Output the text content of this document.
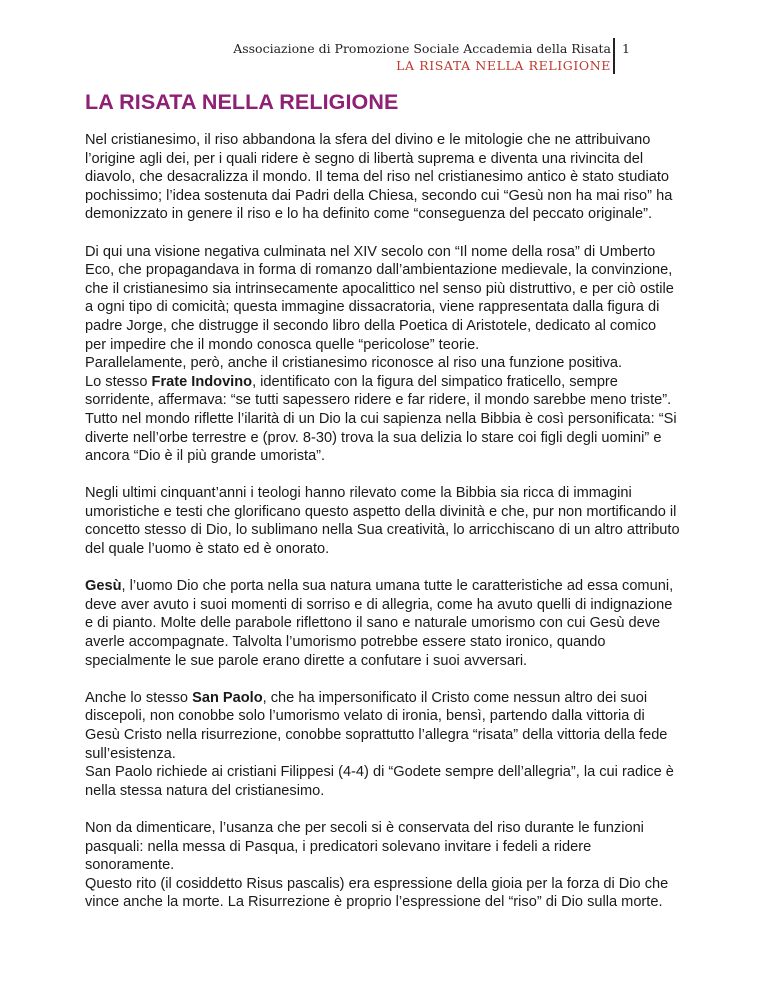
Associazione di Promozione Sociale Accademia della Risata
LA RISATA NELLA RELIGIONE
1
LA RISATA NELLA RELIGIONE

Nel cristianesimo, il riso abbandona la sfera del divino e le mitologie che ne attribuivano l’origine agli dei, per i quali ridere è segno di libertà suprema e diventa una rivincita del diavolo, che desacralizza il mondo. Il tema del riso nel cristianesimo antico è stato studiato pochissimo; l’idea sostenuta dai Padri della Chiesa, secondo cui “Gesù non ha mai riso” ha demonizzato in genere il riso e lo ha definito come “conseguenza del peccato originale”.

Di qui una visione negativa culminata nel XIV secolo con “Il nome della rosa” di Umberto Eco, che propagandava in forma di romanzo dall’ambientazione medievale, la convinzione, che il cristianesimo sia intrinsecamente apocalittico nel senso più distruttivo, e per ciò ostile a ogni tipo di comicità; questa immagine dissacratoria, viene rappresentata dalla figura di padre Jorge, che distrugge il secondo libro della Poetica di Aristotele, dedicato al comico per impedire che il mondo conosca quelle “pericolose” teorie.

Parallelamente, però, anche il cristianesimo riconosce al riso una funzione positiva.

Lo stesso Frate Indovino, identificato con la figura del simpatico fraticello, sempre sorridente, affermava: “se tutti sapessero ridere e far ridere, il mondo sarebbe meno triste”.

Tutto nel mondo riflette l’ilarità di un Dio la cui sapienza nella Bibbia è così personificata: “Si diverte nell’orbe terrestre e (prov. 8-30) trova la sua delizia lo stare coi figli degli uomini” e ancora “Dio è il più grande umorista”.

Negli ultimi cinquant’anni i teologi hanno rilevato come la Bibbia sia ricca di immagini umoristiche e testi che glorificano questo aspetto della divinità e che, pur non mortificando il concetto stesso di Dio, lo sublimano nella Sua creatività, lo arricchiscano di un altro attributo del quale l’uomo è stato ed è onorato.

Gesù, l’uomo Dio che porta nella sua natura umana tutte le caratteristiche ad essa comuni, deve aver avuto i suoi momenti di sorriso e di allegria, come ha avuto quelli di indignazione e di pianto. Molte delle parabole riflettono il sano e naturale umorismo con cui Gesù deve averle accompagnate. Talvolta l’umorismo potrebbe essere stato ironico, quando specialmente le sue parole erano dirette a confutare i suoi avversari.

Anche lo stesso San Paolo, che ha impersonificato il Cristo come nessun altro dei suoi discepoli, non conobbe solo l’umorismo velato di ironia, bensì, partendo dalla vittoria di Gesù Cristo nella risurrezione, conobbe soprattutto l’allegra “risata” della vittoria della fede sull’esistenza.

San Paolo richiede ai cristiani Filippesi (4-4) di “Godete sempre dell’allegria”, la cui radice è nella stessa natura del cristianesimo.

Non da dimenticare, l’usanza che per secoli si è conservata del riso durante le funzioni pasquali: nella messa di Pasqua, i predicatori solevano invitare i fedeli a ridere sonoramente.

Questo rito (il cosiddetto Risus pascalis) era espressione della gioia per la forza di Dio che vince anche la morte. La Risurrezione è proprio l’espressione del “riso” di Dio sulla morte.
